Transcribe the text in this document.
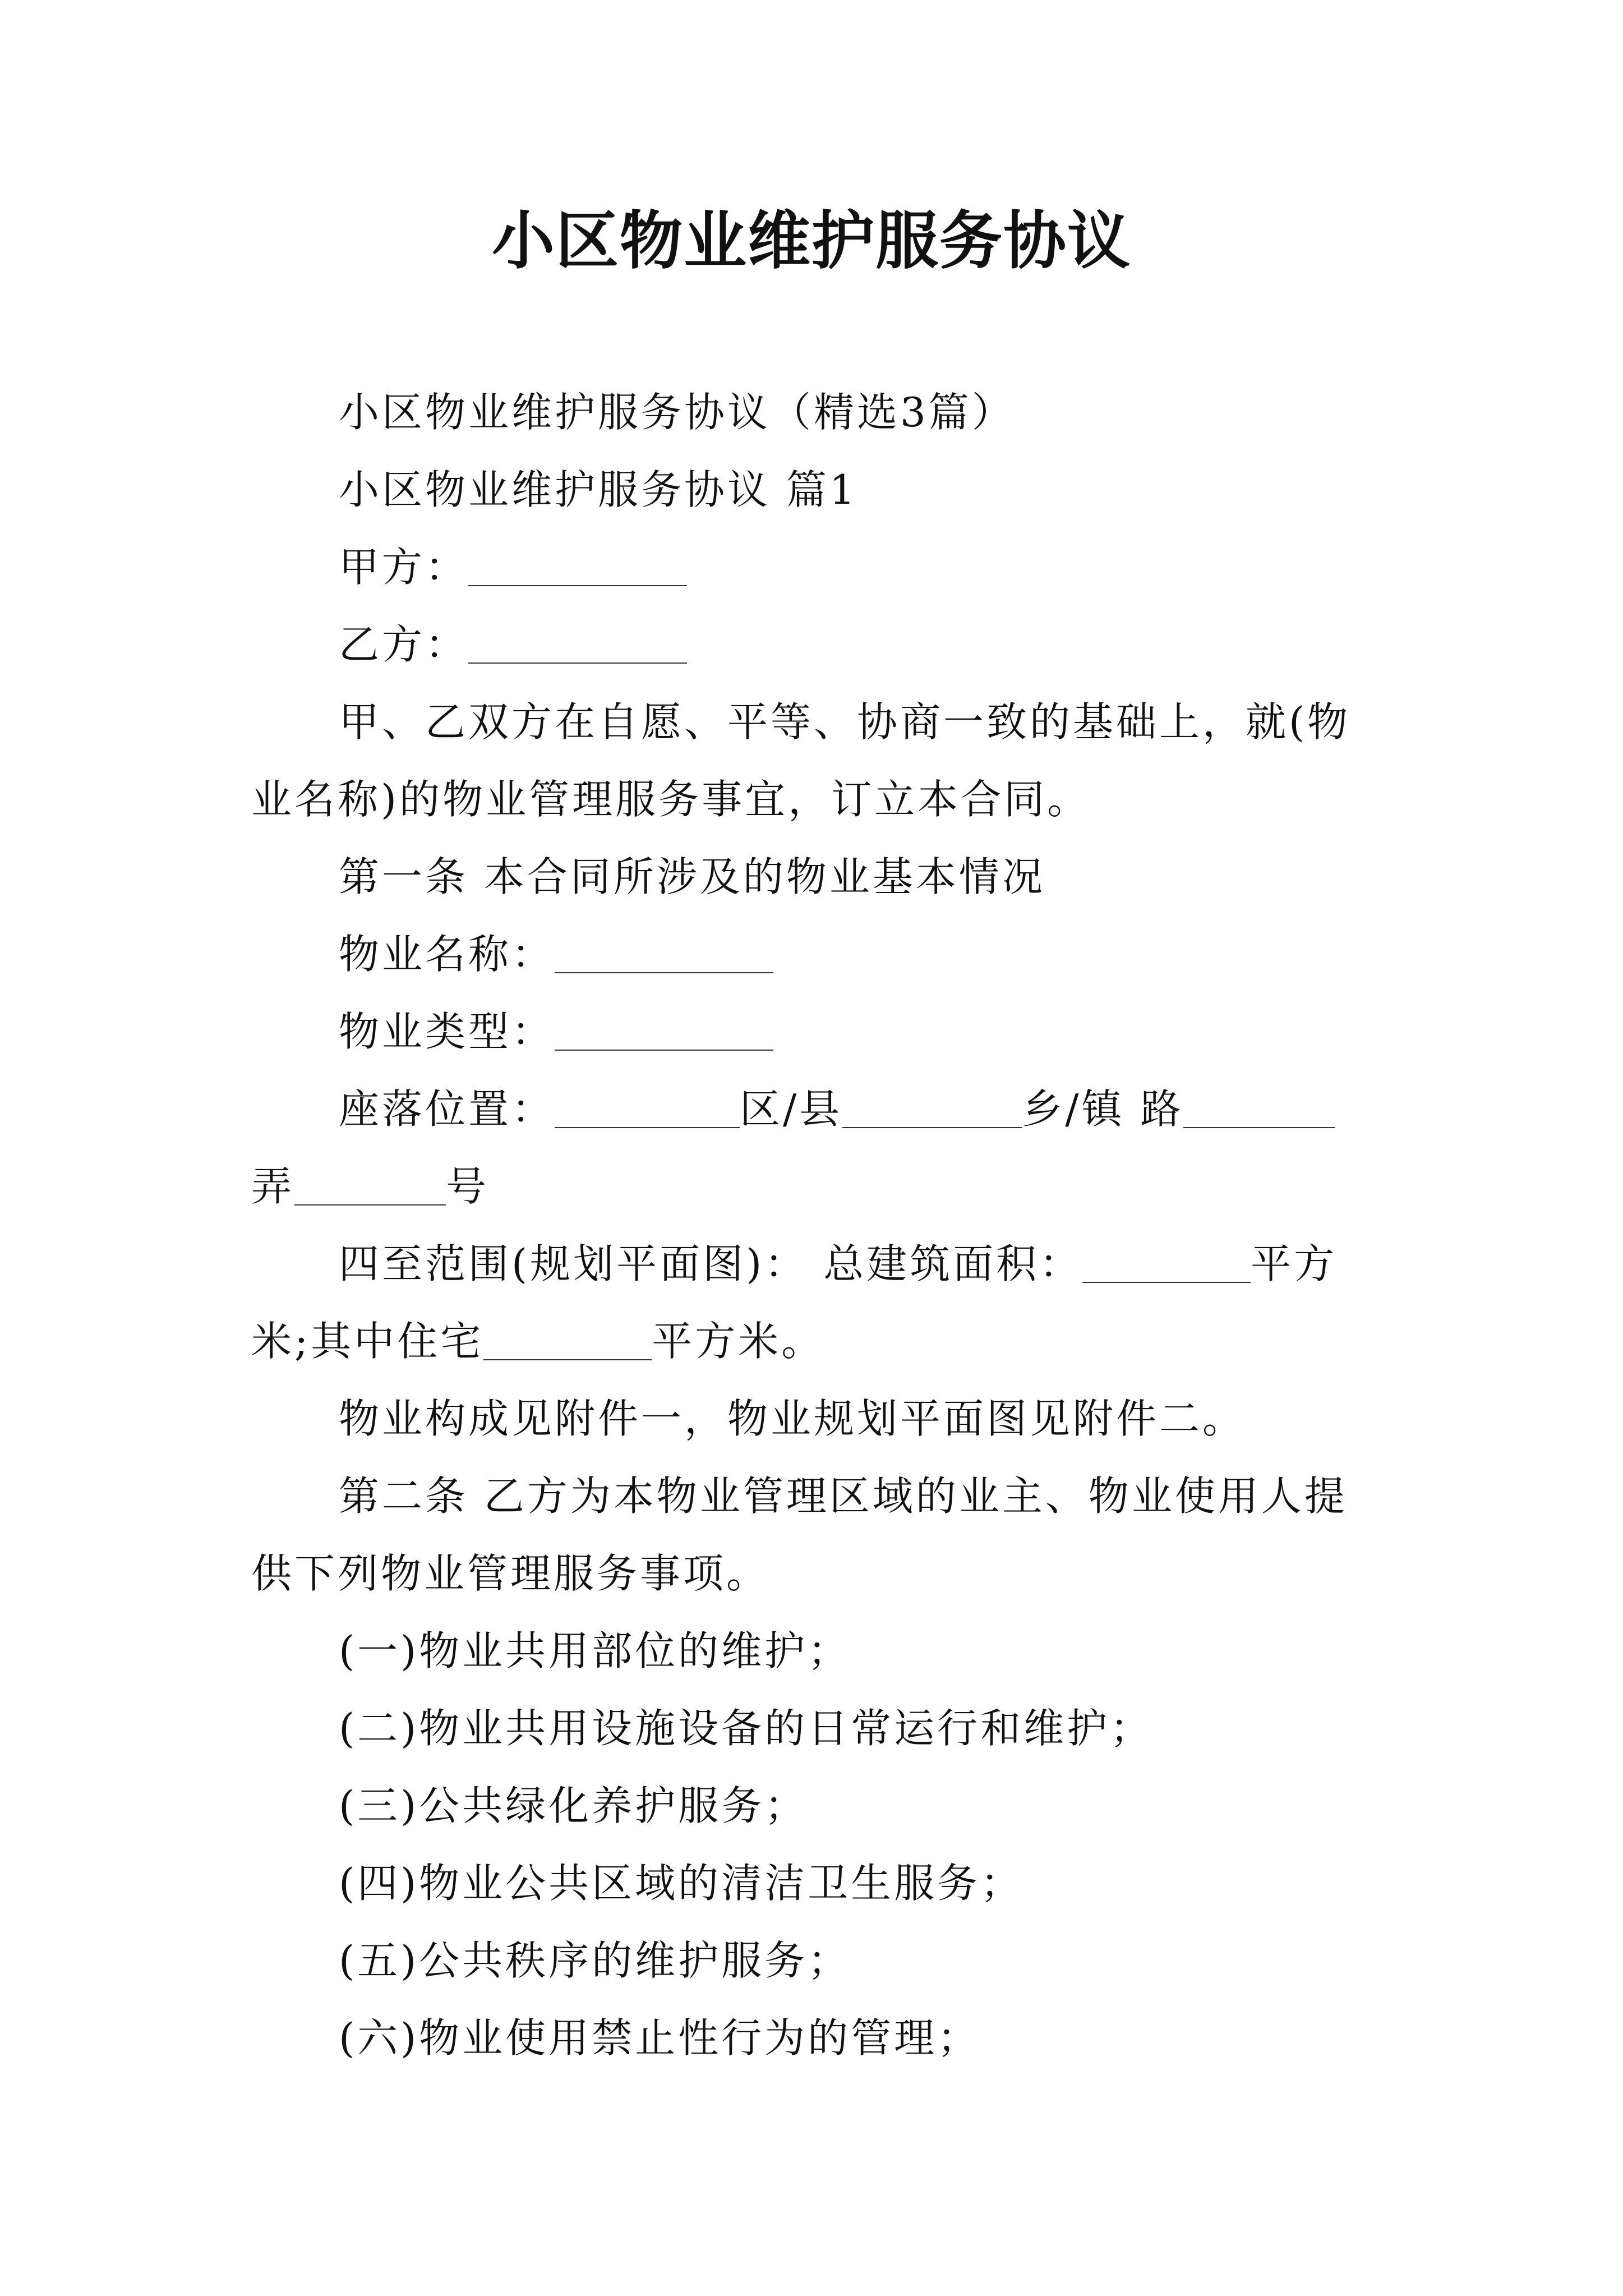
小区物业维护服务协议

小区物业维护服务协议（精选3篇）

小区物业维护服务协议 篇1

甲方：

乙方：

甲、乙双方在自愿、平等、协商一致的基础上，就(物

业名称)的物业管理服务事宜，订立本合同。

第一条 本合同所涉及的物业基本情况

物业名称：

物业类型：

座落位置：	区/县	乡/镇 路

弄	号

四至范围(规划平面图)： 总建筑面积：	平方

米;其中住宅	平方米。

物业构成见附件一，物业规划平面图见附件二。

第二条 乙方为本物业管理区域的业主、物业使用人提

供下列物业管理服务事项。

(一)物业共用部位的维护；

(二)物业共用设施设备的日常运行和维护；

(三)公共绿化养护服务；

(四)物业公共区域的清洁卫生服务；

(五)公共秩序的维护服务；

(六)物业使用禁止性行为的管理；
